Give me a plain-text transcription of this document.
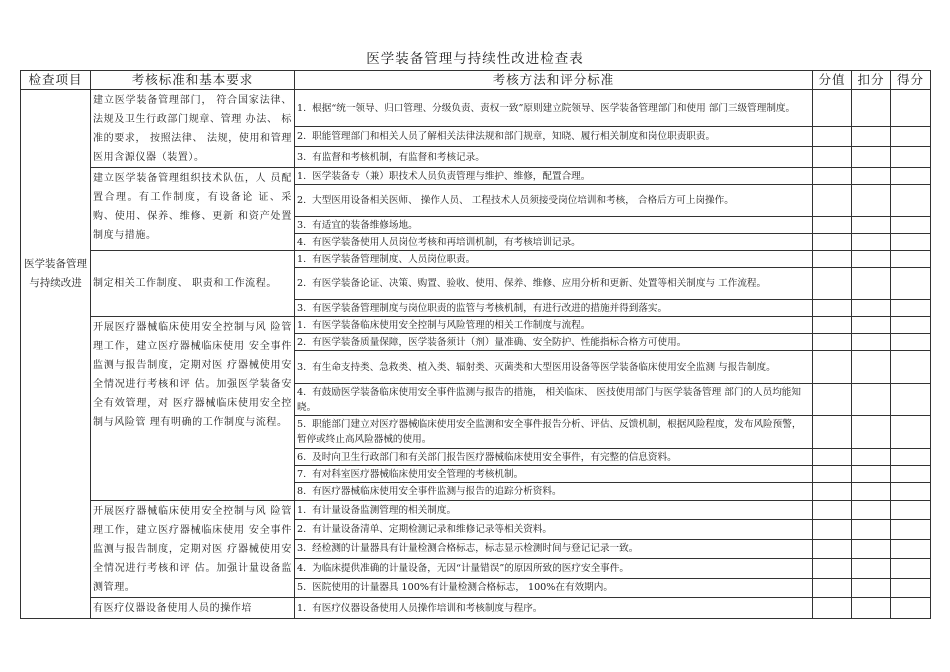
医学装备管理与持续性改进检查表
检查项目	考核标准和基本要求	考核方法和评分标准	分值	扣分	得分
医学装备管理与持续改进	建立医学装备管理部门， 符合国家法律、法规及卫生行政部门规章、管理 办法、 标准的要求， 按照法律、 法规，使用和管理医用含源仪器（装置）。	1. 根据“统一领导、归口管理、分级负责、责权一致”原则建立院领导、医学装备管理部门和使用 部门三级管理制度。			
		2. 职能管理部门和相关人员了解相关法律法规和部门规章，知晓、履行相关制度和岗位职责职责。			
		3. 有监督和考核机制，有监督和考核记录。			
	建立医学装备管理组织技术队伍，人 员配置合理。有工作制度，有设备论 证、采购、使用、保养、维修、更新 和资产处置制度与措施。	1. 医学装备专（兼）职技术人员负责管理与维护、维修，配置合理。			
		2. 大型医用设备相关医师、 操作人员、 工程技术人员须接受岗位培训和考核， 合格后方可上岗操作。			
		3. 有适宜的装备维修场地。			
		4. 有医学装备使用人员岗位考核和再培训机制，有考核培训记录。			
	制定相关工作制度、 职责和工作流程。	1. 有医学装备管理制度、人员岗位职责。			
		2. 有医学装备论证、决策、购置、验收、使用、保养、维修、应用分析和更新、处置等相关制度与 工作流程。			
		3. 有医学装备管理制度与岗位职责的监管与考核机制，有进行改进的措施并得到落实。			
	开展医疗器械临床使用安全控制与风 险管理工作，建立医疗器械临床使用 安全事件监测与报告制度，定期对医 疗器械使用安全情况进行考核和评 估。加强医学装备安全有效管理，对 医疗器械临床使用安全控制与风险管 理有明确的工作制度与流程。	1. 有医学装备临床使用安全控制与风险管理的相关工作制度与流程。			
		2. 有医学装备质量保障，医学装备须计（剂）量准确、安全防护、性能指标合格方可使用。			
		3. 有生命支持类、急救类、植入类、辐射类、灭菌类和大型医用设备等医学装备临床使用安全监测 与报告制度。			
		4. 有鼓励医学装备临床使用安全事件监测与报告的措施， 相关临床、 医技使用部门与医学装备管理 部门的人员均能知晓。			
		5. 职能部门建立对医疗器械临床使用安全监测和安全事件报告分析、评估、反馈机制，根据风险程度，发布风险预警，暂停或终止高风险器械的使用。			
		6. 及时向卫生行政部门和有关部门报告医疗器械临床使用安全事件，有完整的信息资料。			
		7. 有对科室医疗器械临床使用安全管理的考核机制。			
		8. 有医疗器械临床使用安全事件监测与报告的追踪分析资料。			
	开展医疗器械临床使用安全控制与风 险管理工作，建立医疗器械临床使用 安全事件监测与报告制度，定期对医 疗器械使用安全情况进行考核和评 估。加强计量设备监测管理。	1. 有计量设备监测管理的相关制度。			
		2. 有计量设备清单、定期检测记录和维修记录等相关资料。			
		3. 经检测的计量器具有计量检测合格标志，标志显示检测时间与登记记录一致。			
		4. 为临床提供准确的计量设备，无因“计量错误”的原因所致的医疗安全事件。			
		5. 医院使用的计量器具 100%有计量检测合格标志， 100%在有效期内。			
	有医疗仪器设备使用人员的操作培	1. 有医疗仪器设备使用人员操作培训和考核制度与程序。			
